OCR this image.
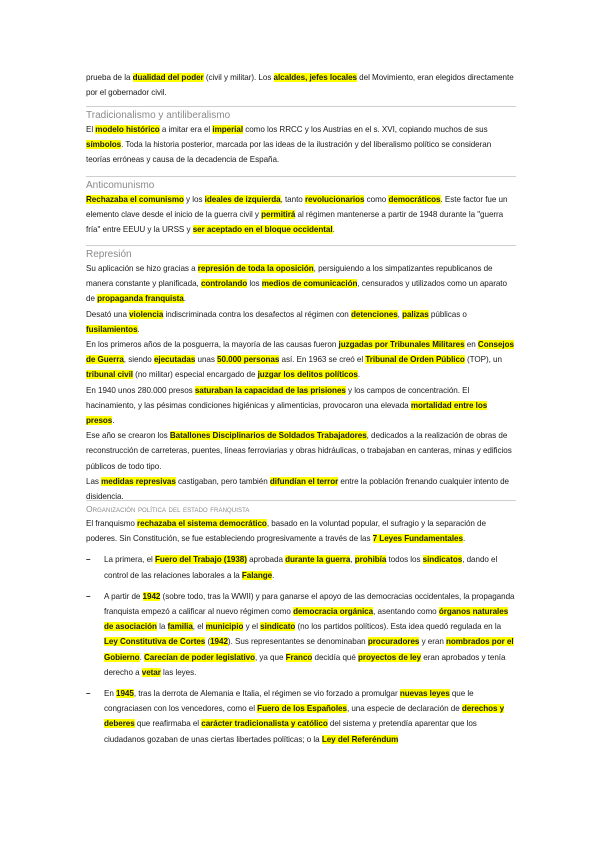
prueba de la dualidad del poder (civil y militar). Los alcaldes, jefes locales del Movimiento, eran elegidos directamente por el gobernador civil.

Tradicionalismo y antiliberalismo

El modelo histórico a imitar era el imperial como los RRCC y los Austrias en el s. XVI, copiando muchos de sus símbolos. Toda la historia posterior, marcada por las ideas de la ilustración y del liberalismo político se consideran teorías erróneas y causa de la decadencia de España.

Anticomunismo

Rechazaba el comunismo y los ideales de izquierda, tanto revolucionarios como democráticos. Este factor fue un elemento clave desde el inicio de la guerra civil y permitirá al régimen mantenerse a partir de 1948 durante la "guerra fría" entre EEUU y la URSS y ser aceptado en el bloque occidental.

Represión

Su aplicación se hizo gracias a represión de toda la oposición, persiguiendo a los simpatizantes republicanos de manera constante y planificada, controlando los medios de comunicación, censurados y utilizados como un aparato de propaganda franquista.

Desató una violencia indiscriminada contra los desafectos al régimen con detenciones, palizas públicas o fusilamientos.

En los primeros años de la posguerra, la mayoría de las causas fueron juzgadas por Tribunales Militares en Consejos de Guerra, siendo ejecutadas unas 50.000 personas así. En 1963 se creó el Tribunal de Orden Público (TOP), un tribunal civil (no militar) especial encargado de juzgar los delitos políticos.

En 1940 unos 280.000 presos saturaban la capacidad de las prisiones y los campos de concentración. El hacinamiento, y las pésimas condiciones higiénicas y alimenticias, provocaron una elevada mortalidad entre los presos.

Ese año se crearon los Batallones Disciplinarios de Soldados Trabajadores, dedicados a la realización de obras de reconstrucción de carreteras, puentes, líneas ferroviarias y obras hidráulicas, o trabajaban en canteras, minas y edificios públicos de todo tipo.

Las medidas represivas castigaban, pero también difundían el terror entre la población frenando cualquier intento de disidencia.

Organización política del estado franquista

El franquismo rechazaba el sistema democrático, basado en la voluntad popular, el sufragio y la separación de poderes. Sin Constitución, se fue estableciendo progresivamente a través de las 7 Leyes Fundamentales.

– La primera, el Fuero del Trabajo (1938) aprobada durante la guerra, prohibía todos los sindicatos, dando el control de las relaciones laborales a la Falange.

– A partir de 1942 (sobre todo, tras la WWII) y para ganarse el apoyo de las democracias occidentales, la propaganda franquista empezó a calificar al nuevo régimen como democracia orgánica, asentando como órganos naturales de asociación la familia, el municipio y el sindicato (no los partidos políticos). Esta idea quedó regulada en la Ley Constitutiva de Cortes (1942). Sus representantes se denominaban procuradores y eran nombrados por el Gobierno. Carecían de poder legislativo, ya que Franco decidía qué proyectos de ley eran aprobados y tenía derecho a vetar las leyes.

– En 1945, tras la derrota de Alemania e Italia, el régimen se vio forzado a promulgar nuevas leyes que le congraciasen con los vencedores, como el Fuero de los Españoles, una especie de declaración de derechos y deberes que reafirmaba el carácter tradicionalista y católico del sistema y pretendía aparentar que los ciudadanos gozaban de unas ciertas libertades políticas; o la Ley del Referéndum
